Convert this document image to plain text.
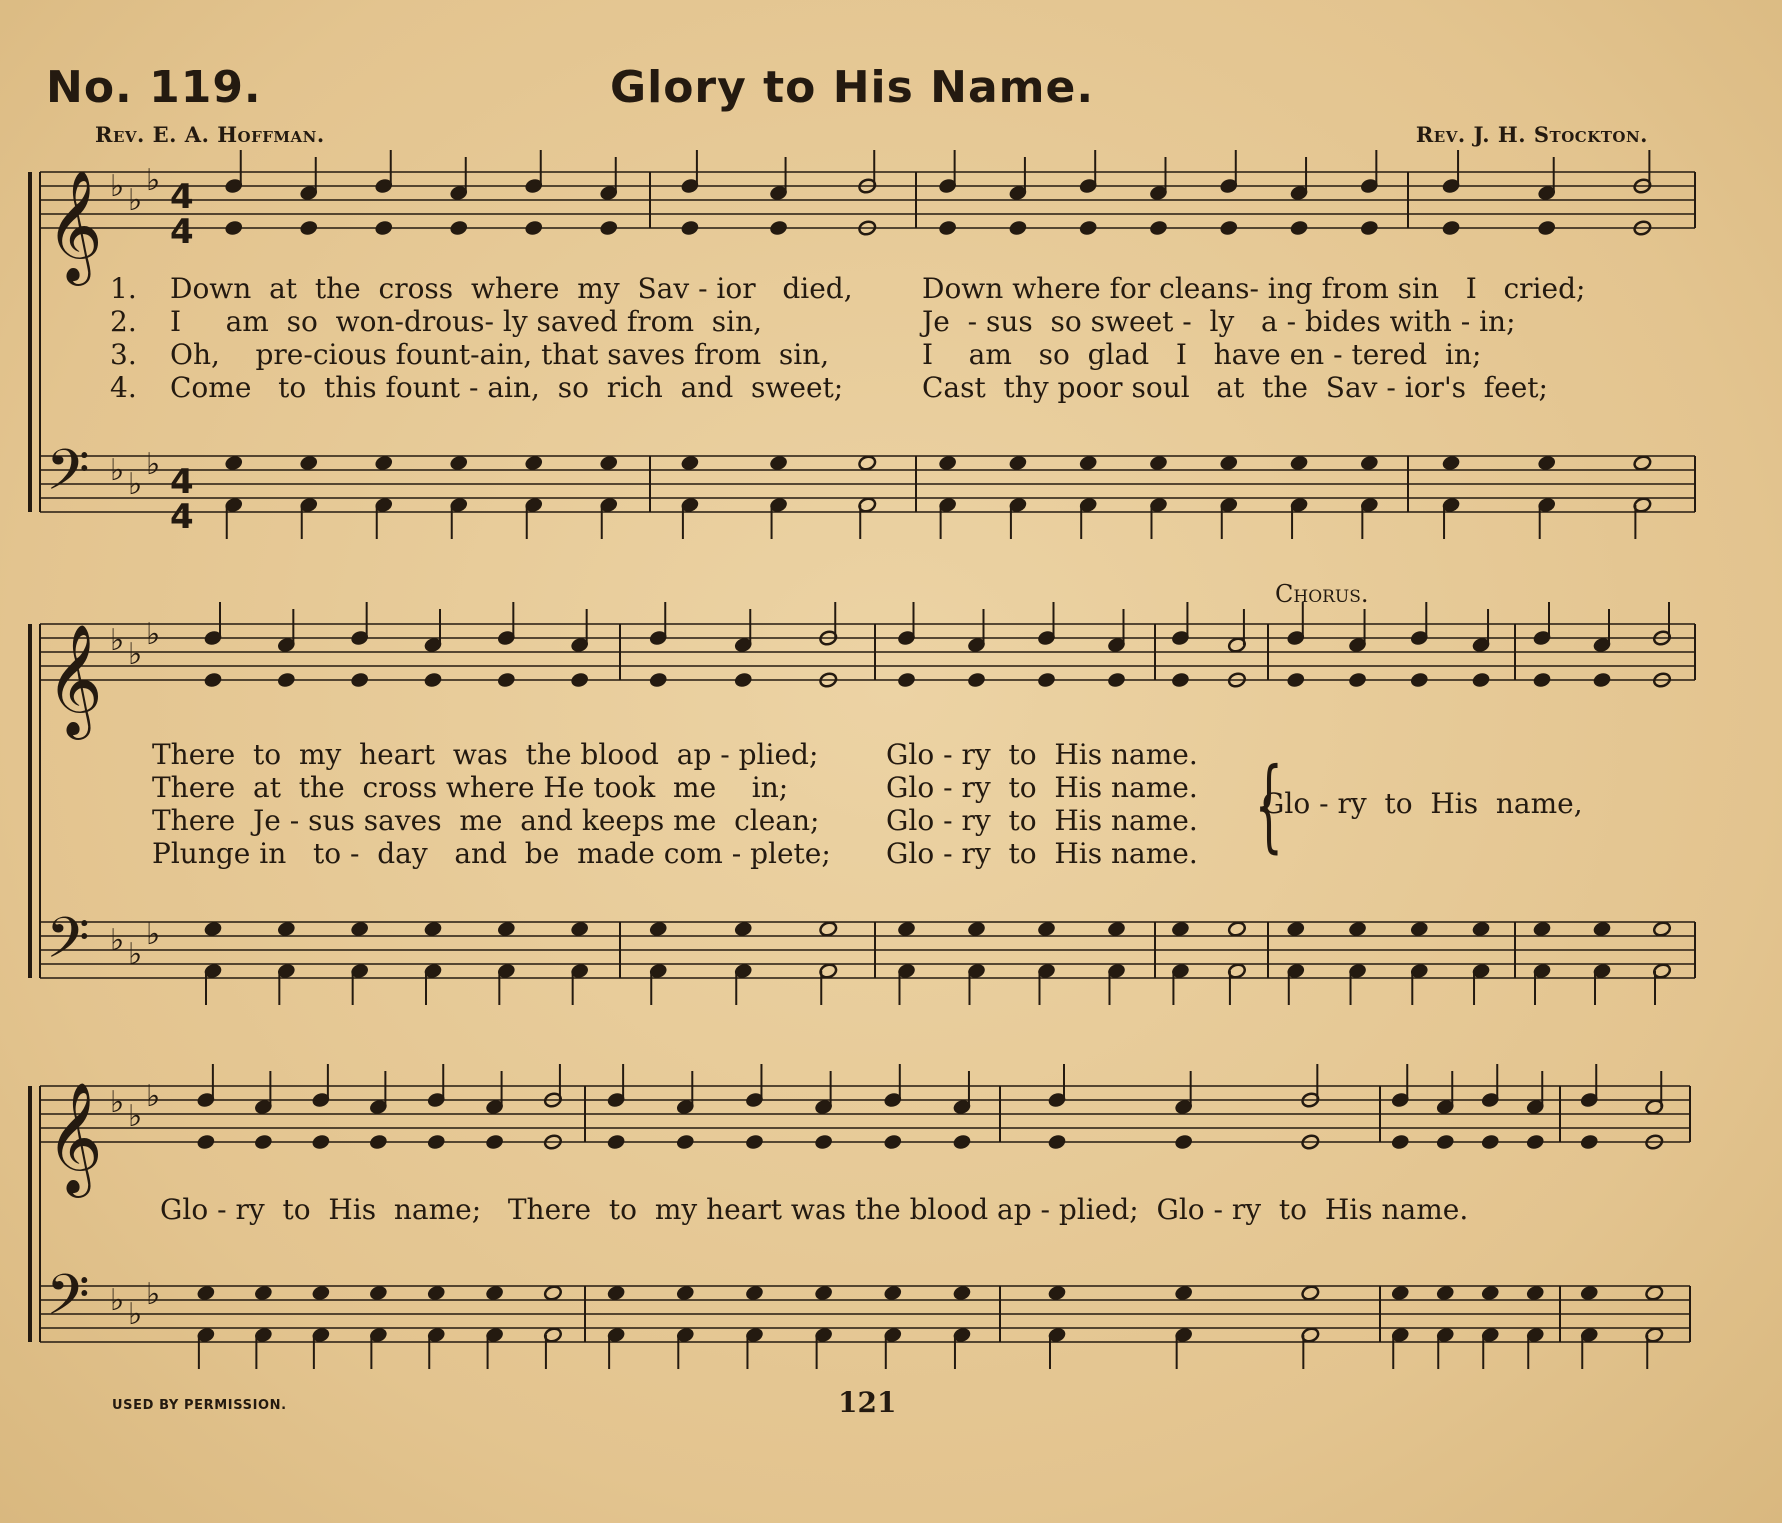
No. 119.	Glory to His Name.
Rev. E. A. Hoffman.	Rev. J. H. Stockton.
𝄞
𝄢
𝄞
𝄢
𝄞
𝄢
♭ ♭
♭
♭ ♭
♭
♭ ♭
♭
♭ ♭
♭
♭ ♭
♭
♭ ♭
♭
4
4
4
4
1.
2.
3.
4.
Down  at  the  cross  where  my  Sav - ior   died,
I     am  so  won-drous- ly saved from  sin,
Oh,    pre-cious fount-ain, that saves from  sin,
Come   to  this fount - ain,  so  rich  and  sweet;
Down where for cleans- ing from sin   I   cried;
Je  - sus  so sweet -  ly   a - bides with - in;
I    am   so  glad   I   have en - tered  in;
Cast  thy poor soul   at  the  Sav - ior's  feet;
There  to  my  heart  was  the blood  ap - plied;
There  at  the  cross where He took  me    in;
There  Je - sus saves  me  and keeps me  clean;
Plunge in   to -  day   and  be  made com - plete;
Glo - ry  to  His name.
Glo - ry  to  His name.
Glo - ry  to  His name.
Glo - ry  to  His name. {
Chorus.
Glo - ry  to  His  name,
Glo - ry  to  His  name;   There  to  my heart was the blood ap - plied;  Glo - ry  to  His name.
USED BY PERMISSION.	121
